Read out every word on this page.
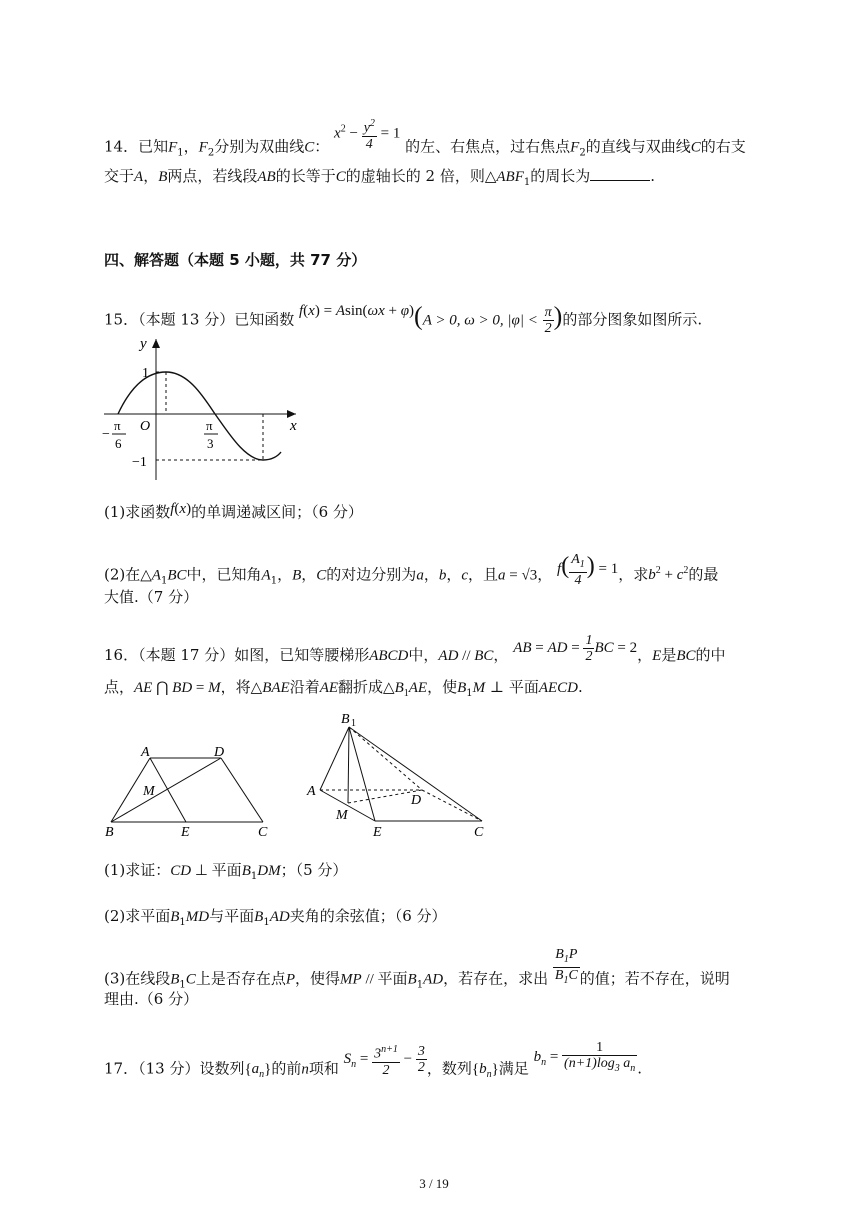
14．已知$F_1$，$F_2$分别为双曲线C： $x^2 - \frac{y^2}{4} = 1$ 的左、右焦点，过右焦点$F_2$的直线与双曲线C的右支
交于A，B两点，若线段AB的长等于C的虚轴长的 2 倍，则$\triangle ABF_1$的周长为	.
四、解答题（本题 5 小题，共 77 分）
15．（本题 13 分）已知函数 f(x) = Asin(ωx + φ)(A > 0, ω > 0, $|\varphi| < \frac{\pi}{2}$ )的部分图象如图所示.
y
x
O
1
−1
−
π
6
π
3
(1)求函数f(x)的单调递减区间；（6 分）
(2)在$\triangle A_1BC$中，已知角$A_1$，B，C的对边分别为a，b，c，且a = √3， $f( \frac{A_1}{4}$ ) = 1，求$b^2 + c^2$的最
大值.（7 分）
16．（本题 17 分）如图，已知等腰梯形ABCD中，AD // BC， AB = AD = $\frac{1}{2}$ BC = 2，E是BC的中
点，AE ⋂ BD = M，将△BAE沿着AE翻折成$\triangle B_1AE$，使$B_1M$ ⊥ 平面AECD.
A	D
M
B	E	C
B 1
A
D
M
E	C
(1)求证：CD ⊥ 平面$B_1DM$；（5 分）
(2)求平面$B_1MD$与平面$B_1AD$夹角的余弦值；（6 分）
(3)在线段$B_1C$上是否存在点P，使得MP // 平面$B_1AD$，若存在，求出 $\frac{B_1P}{B_1C}$ 的值；若不存在，说明
理由.（6 分）
17．（13 分）设数列$\{a_n\}$的前n项和 $S_n = \frac{3^{n+1}}{2} - \frac{3}{2}$ ，数列$\{b_n\}$满足 $b_n = \frac{1}{(n+1)\log_3 a_n}$ .
3 / 19
